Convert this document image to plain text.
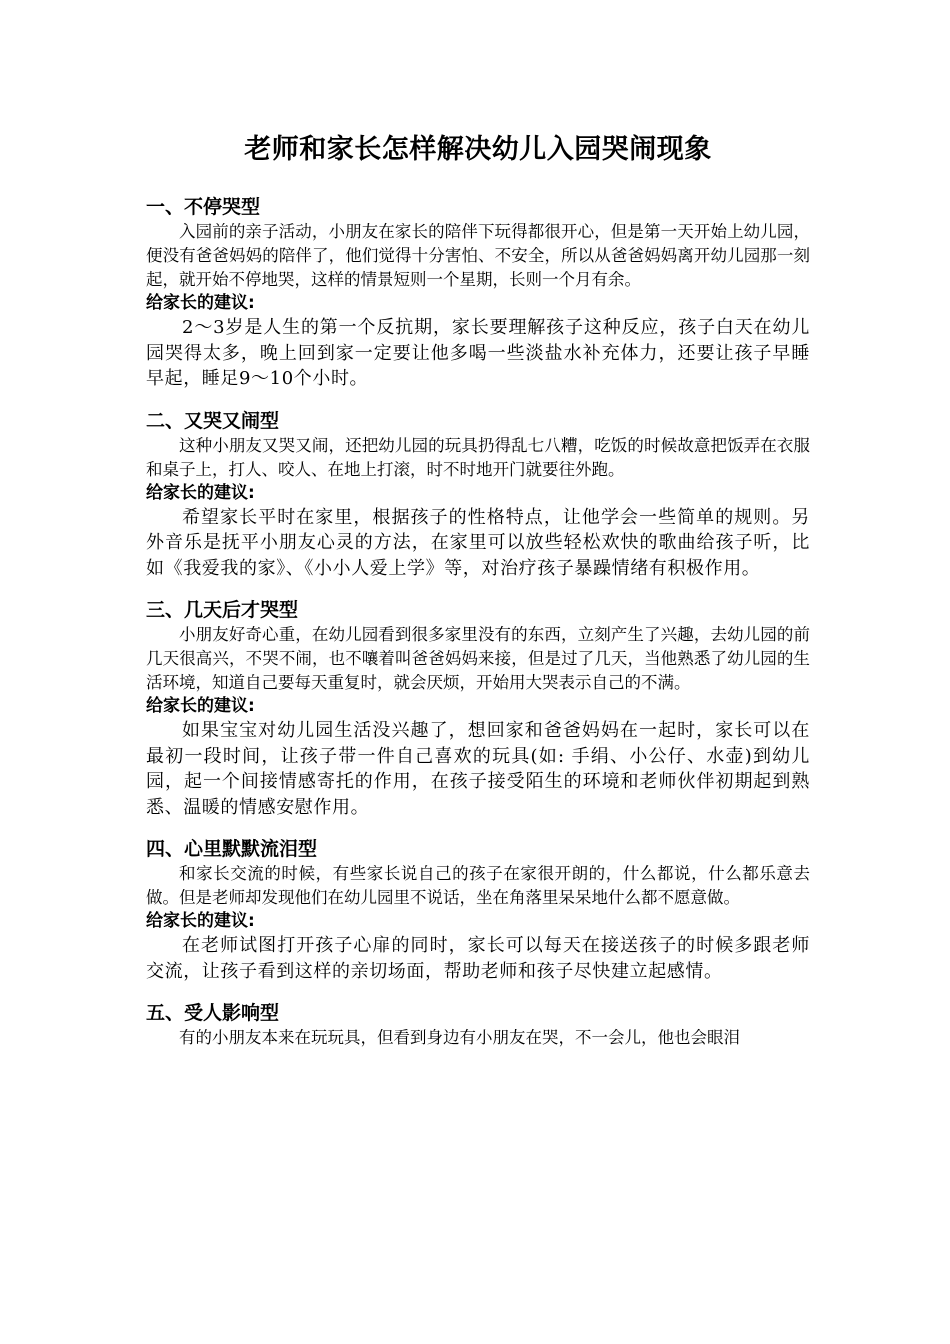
老师和家长怎样解决幼儿入园哭闹现象
一、不停哭型

入园前的亲子活动，小朋友在家长的陪伴下玩得都很开心，但是第一天开始上幼儿园，便没有爸爸妈妈的陪伴了，他们觉得十分害怕、不安全，所以从爸爸妈妈离开幼儿园那一刻起，就开始不停地哭，这样的情景短则一个星期，长则一个月有余。

给家长的建议:

2～3岁是人生的第一个反抗期，家长要理解孩子这种反应，孩子白天在幼儿园哭得太多，晚上回到家一定要让他多喝一些淡盐水补充体力，还要让孩子早睡早起，睡足9～10个小时。

二、又哭又闹型

这种小朋友又哭又闹，还把幼儿园的玩具扔得乱七八糟，吃饭的时候故意把饭弄在衣服和桌子上，打人、咬人、在地上打滚，时不时地开门就要往外跑。

给家长的建议:

希望家长平时在家里，根据孩子的性格特点，让他学会一些简单的规则。另外音乐是抚平小朋友心灵的方法，在家里可以放些轻松欢快的歌曲给孩子听，比如《我爱我的家》、《小小人爱上学》等，对治疗孩子暴躁情绪有积极作用。

三、几天后才哭型

小朋友好奇心重，在幼儿园看到很多家里没有的东西，立刻产生了兴趣，去幼儿园的前几天很高兴，不哭不闹，也不嚷着叫爸爸妈妈来接，但是过了几天，当他熟悉了幼儿园的生活环境，知道自己要每天重复时，就会厌烦，开始用大哭表示自己的不满。

给家长的建议:

如果宝宝对幼儿园生活没兴趣了，想回家和爸爸妈妈在一起时，家长可以在最初一段时间，让孩子带一件自己喜欢的玩具(如: 手绢、小公仔、水壶)到幼儿园，起一个间接情感寄托的作用，在孩子接受陌生的环境和老师伙伴初期起到熟悉、温暖的情感安慰作用。

四、心里默默流泪型

和家长交流的时候，有些家长说自己的孩子在家很开朗的，什么都说，什么都乐意去做。但是老师却发现他们在幼儿园里不说话，坐在角落里呆呆地什么都不愿意做。

给家长的建议:

在老师试图打开孩子心扉的同时，家长可以每天在接送孩子的时候多跟老师交流，让孩子看到这样的亲切场面，帮助老师和孩子尽快建立起感情。

五、受人影响型

有的小朋友本来在玩玩具，但看到身边有小朋友在哭，不一会儿，他也会眼泪
